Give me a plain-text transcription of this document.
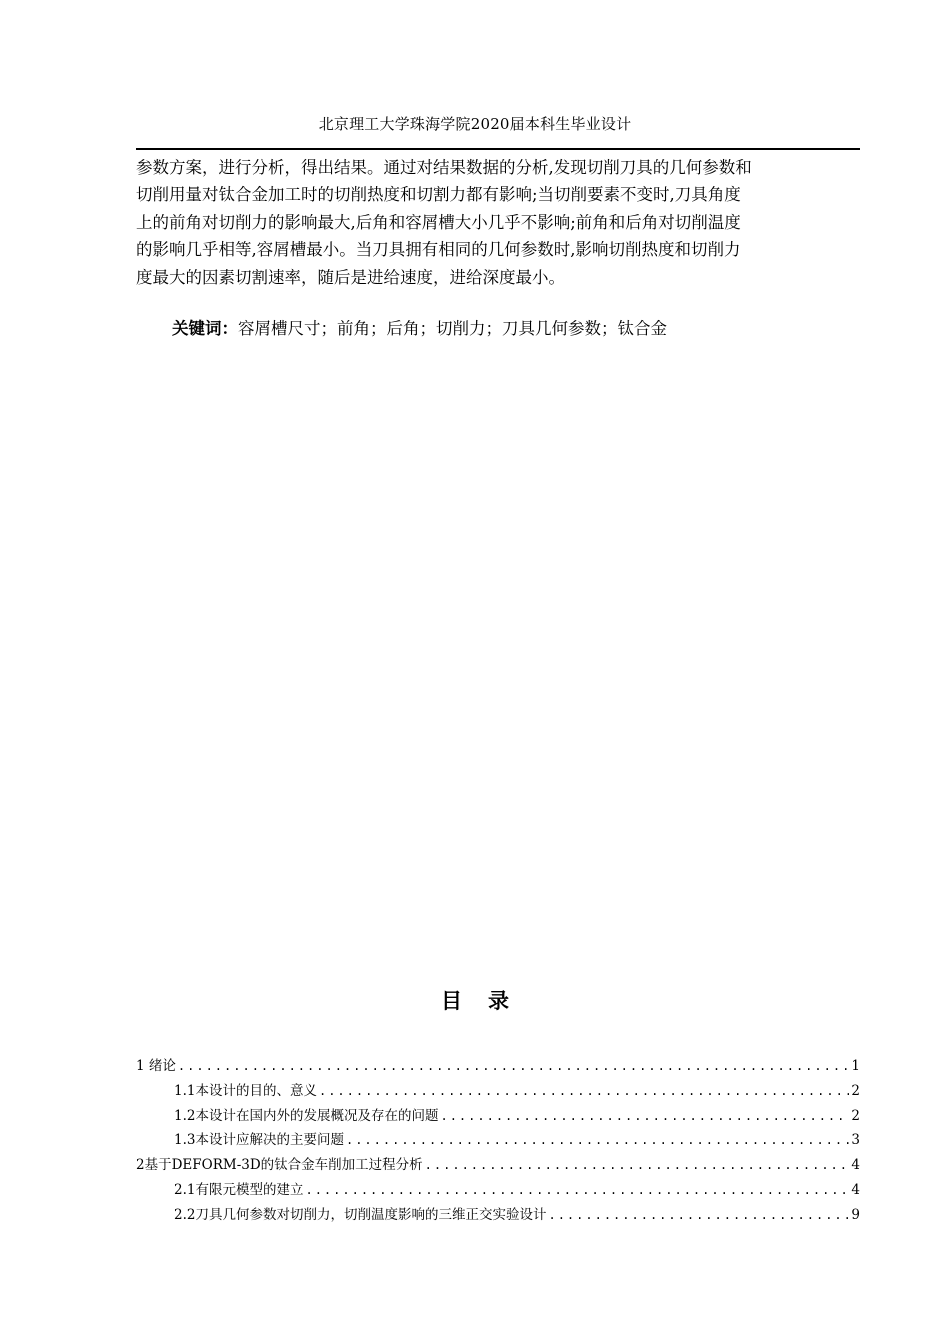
北京理工大学珠海学院2020届本科生毕业设计

参数方案，进行分析，得出结果。通过对结果数据的分析,发现切削刀具的几何参数和
切削用量对钛合金加工时的切削热度和切割力都有影响;当切削要素不变时,刀具角度
上的前角对切削力的影响最大,后角和容屑槽大小几乎不影响;前角和后角对切削温度
的影响几乎相等,容屑槽最小。当刀具拥有相同的几何参数时,影响切削热度和切削力
度最大的因素切割速率，随后是进给速度，进给深度最小。

关键词：容屑槽尺寸；前角；后角；切削力；刀具几何参数；钛合金
目录
1 绪论 .....	1
1.1本设计的目的、意义 .....	2
1.2本设计在国内外的发展概况及存在的问题 .....	2
1.3本设计应解决的主要问题 .....	3
2基于DEFORM-3D的钛合金车削加工过程分析 .....	4
2.1有限元模型的建立 .....	4
2.2刀具几何参数对切削力，切削温度影响的三维正交实验设计 .....	9
